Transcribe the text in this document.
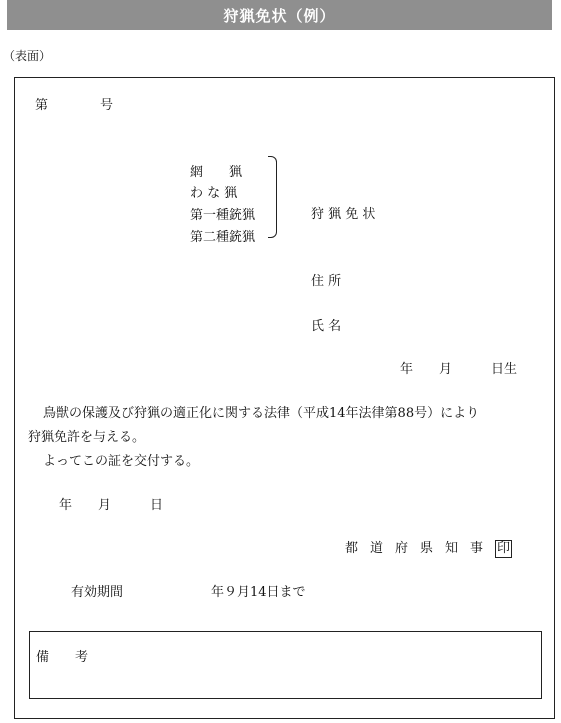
狩猟免状（例）
（表面）
第　　　　号
網　　猟
わ な 猟
第一種銃猟
第二種銃猟
狩 猟 免 状
住 所
氏 名
年　　月　　　日生
鳥獣の保護及び狩猟の適正化に関する法律（平成14年法律第88号）により
狩猟免許を与える。
よってこの証を交付する。
年　　月　　　日
都道府県知事 印
有効期間	年９月14日まで
備　　考
